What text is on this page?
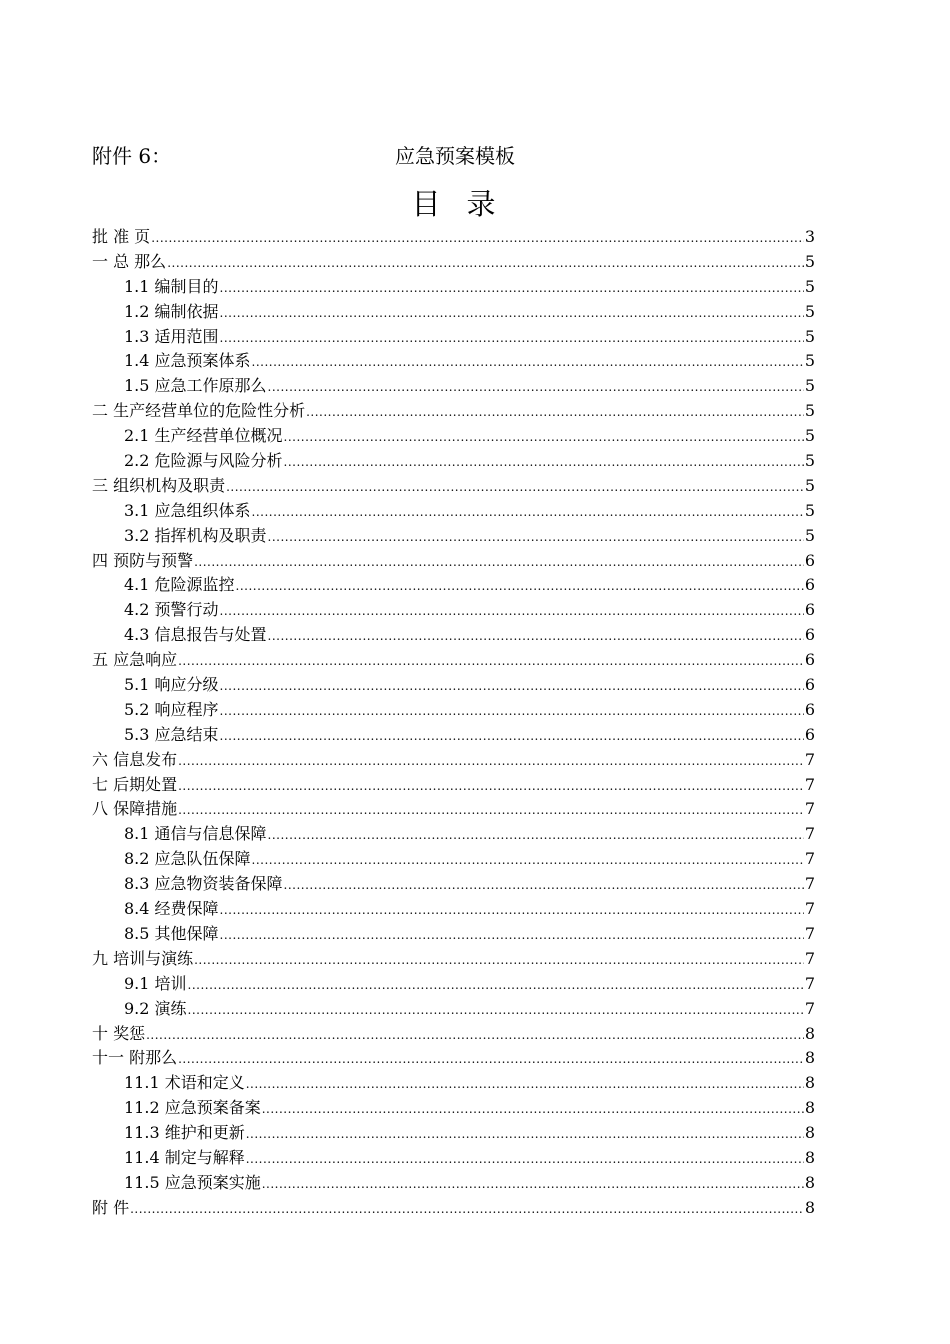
附件 6：	应急预案模板
目录
批 准 页 .....	3
一 总 那么 .....	5
1.1 编制目的 .....	5
1.2 编制依据 .....	5
1.3 适用范围 .....	5
1.4 应急预案体系 .....	5
1.5 应急工作原那么 .....	5
二 生产经营单位的危险性分析 .....	5
2.1 生产经营单位概况 .....	5
2.2 危险源与风险分析 .....	5
三 组织机构及职责 .....	5
3.1 应急组织体系 .....	5
3.2 指挥机构及职责 .....	5
四 预防与预警 .....	6
4.1 危险源监控 .....	6
4.2 预警行动 .....	6
4.3 信息报告与处置 .....	6
五 应急响应 .....	6
5.1 响应分级 .....	6
5.2 响应程序 .....	6
5.3 应急结束 .....	6
六 信息发布 .....	7
七 后期处置 .....	7
八 保障措施 .....	7
8.1 通信与信息保障 .....	7
8.2 应急队伍保障 .....	7
8.3 应急物资装备保障 .....	7
8.4 经费保障 .....	7
8.5 其他保障 .....	7
九 培训与演练 .....	7
9.1 培训 .....	7
9.2 演练 .....	7
十 奖惩 .....	8
十一 附那么 .....	8
11.1 术语和定义 .....	8
11.2 应急预案备案 .....	8
11.3 维护和更新 .....	8
11.4 制定与解释 .....	8
11.5 应急预案实施 .....	8
附 件 .....	8
